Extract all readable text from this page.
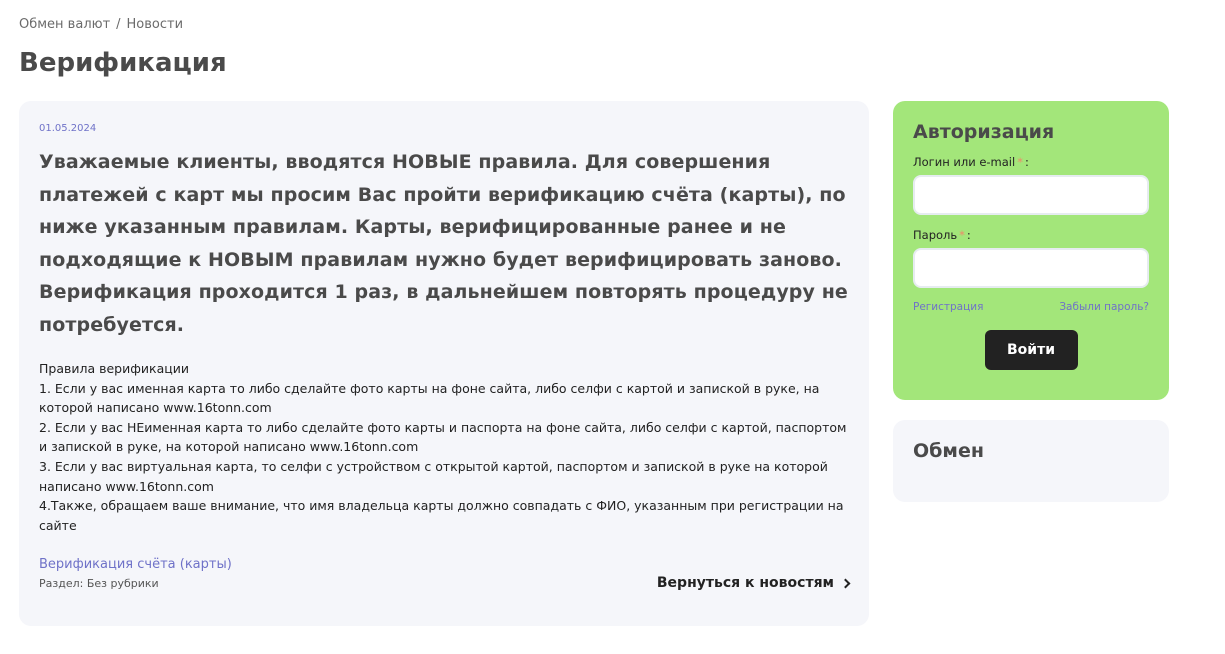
Обмен валют / Новости
Верификация
01.05.2024
Уважаемые клиенты, вводятся НОВЫЕ правила. Для совершения платежей с карт мы просим Вас пройти верификацию счёта (карты), по ниже указанным правилам. Карты, верифицированные ранее и не подходящие к НОВЫМ правилам нужно будет верифицировать заново. Верификация проходится 1 раз, в дальнейшем повторять процедуру не потребуется.

Правила верификации

1. Если у вас именная карта то либо сделайте фото карты на фоне сайта, либо селфи с картой и запиской в руке, на которой написано www.16tonn.com

2. Если у вас НЕименная карта то либо сделайте фото карты и паспорта на фоне сайта, либо селфи с картой, паспортом и запиской в руке, на которой написано www.16tonn.com

3. Если у вас виртуальная карта, то селфи с устройством с открытой картой, паспортом и запиской в руке на которой написано www.16tonn.com

4.Также, обращаем ваше внимание, что имя владельца карты должно совпадать с ФИО, указанным при регистрации на сайте

Верификация счёта (карты)
Раздел: Без рубрики	Вернуться к новостям
Авторизация
Логин или e-mail * :
Пароль * :
Регистрация	Забыли пароль?
Войти
Обмен
